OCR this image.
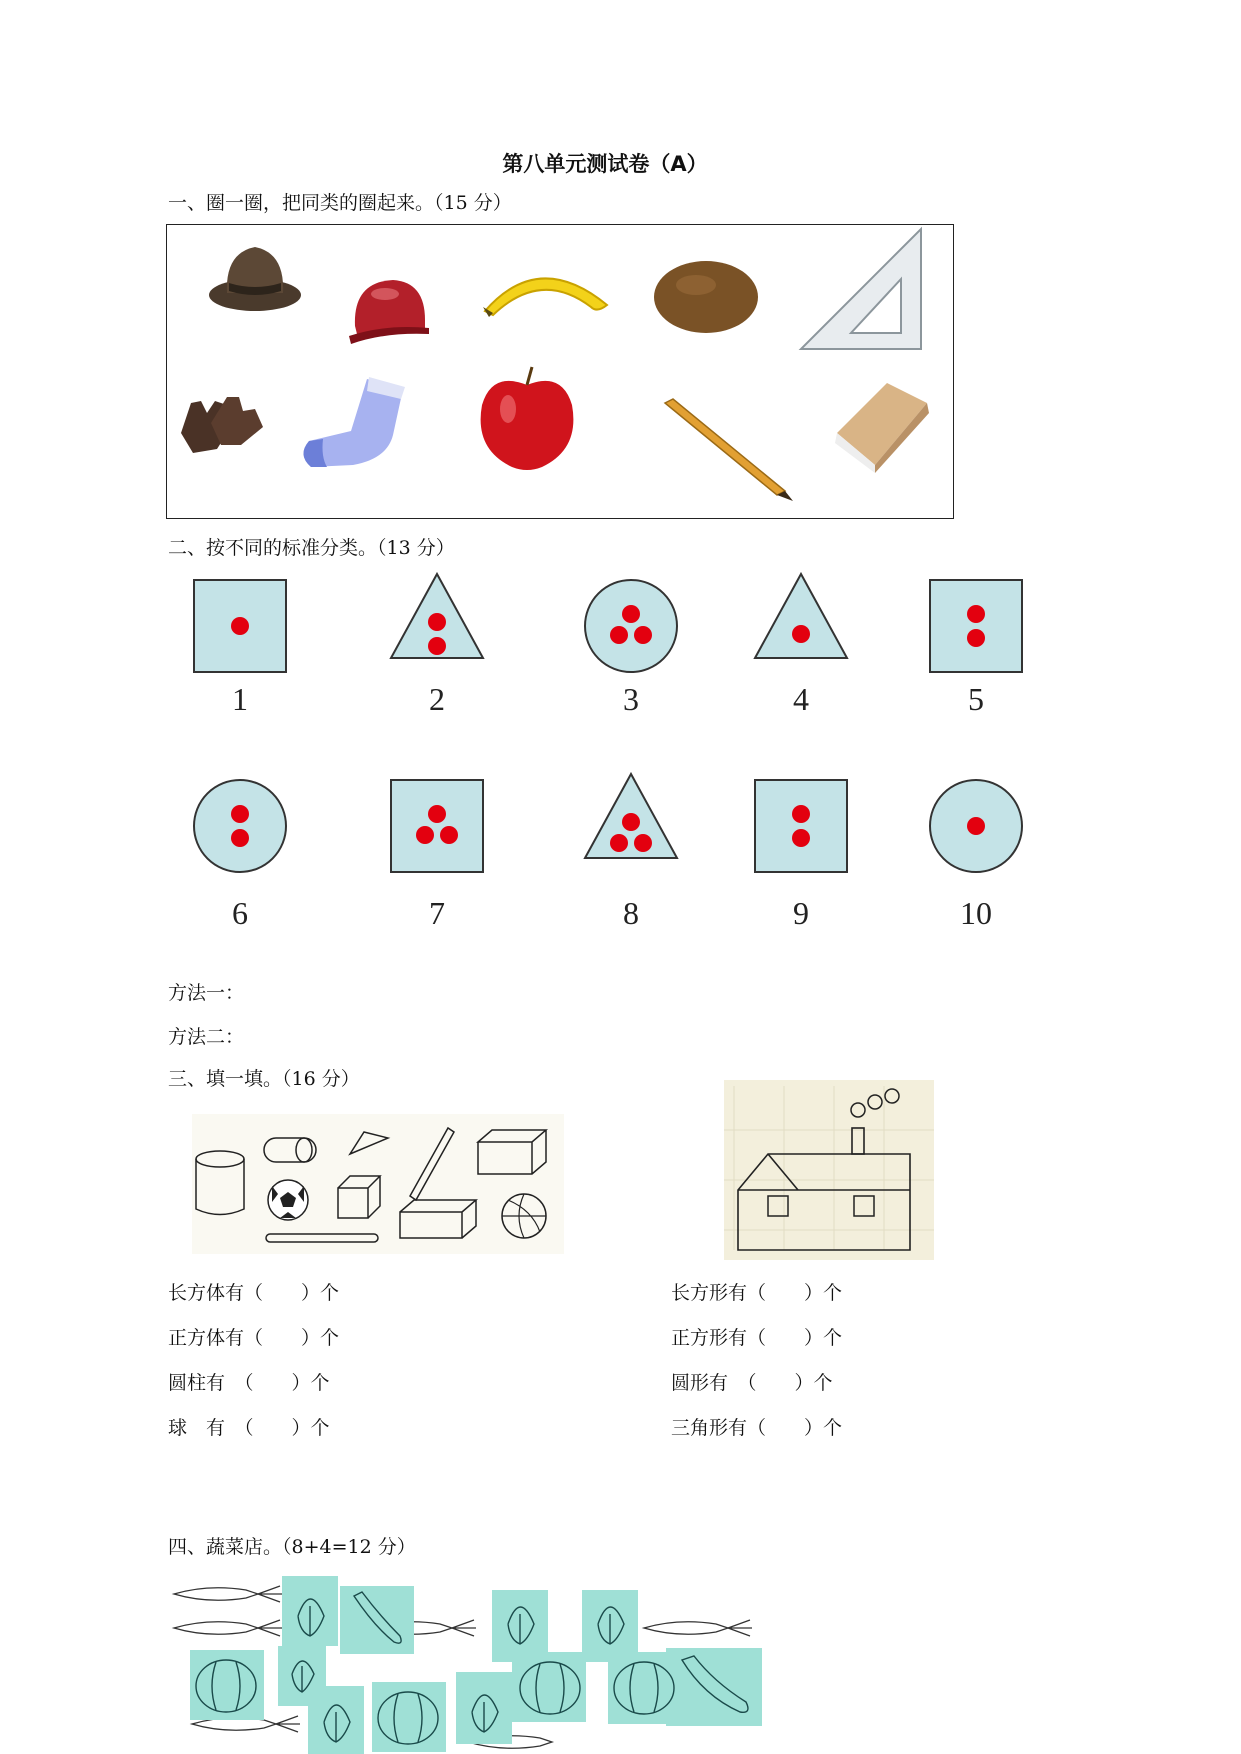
第八单元测试卷（A）
一、圈一圈，把同类的圈起来。（15 分）
二、按不同的标准分类。（13 分）
1	2	3	4	5
6	7	8	9	10
方法一：
方法二：
三、填一填。（16 分）
长方体有（　　）个
正方体有（　　）个
圆柱有　（　　）个
球　有　（　　）个
长方形有（　　）个
正方形有（　　）个
圆形有　（　　）个
三角形有（　　）个
四、蔬菜店。（8+4=12 分）
